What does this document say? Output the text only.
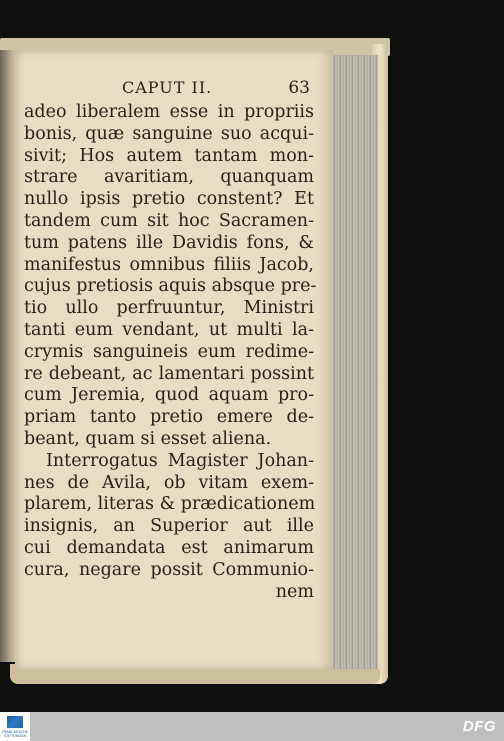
CAPUT II.	63
adeo liberalem esse in propriis
bonis, quæ sanguine suo acqui-
sivit; Hos autem tantam mon-
strare avaritiam, quanquam
nullo ipsis pretio constent? Et
tandem cum sit hoc Sacramen-
tum patens ille Davidis fons, &
manifestus omnibus filiis Jacob,
cujus pretiosis aquis absque pre-
tio ullo perfruuntur, Ministri
tanti eum vendant, ut multi la-
crymis sanguineis eum redime-
re debeant, ac lamentari possint
cum Jeremia, quod aquam pro-
priam tanto pretio emere de-
beant, quam si esset aliena.
Interrogatus Magister Johan-
nes de Avila, ob vitam exem-
plarem, literas & prædicationem
insignis, an Superior aut ille
cui demandata est animarum
cura, negare possit Communio-
nem
FRANCKESCHE STIFTUNGEN
DFG
